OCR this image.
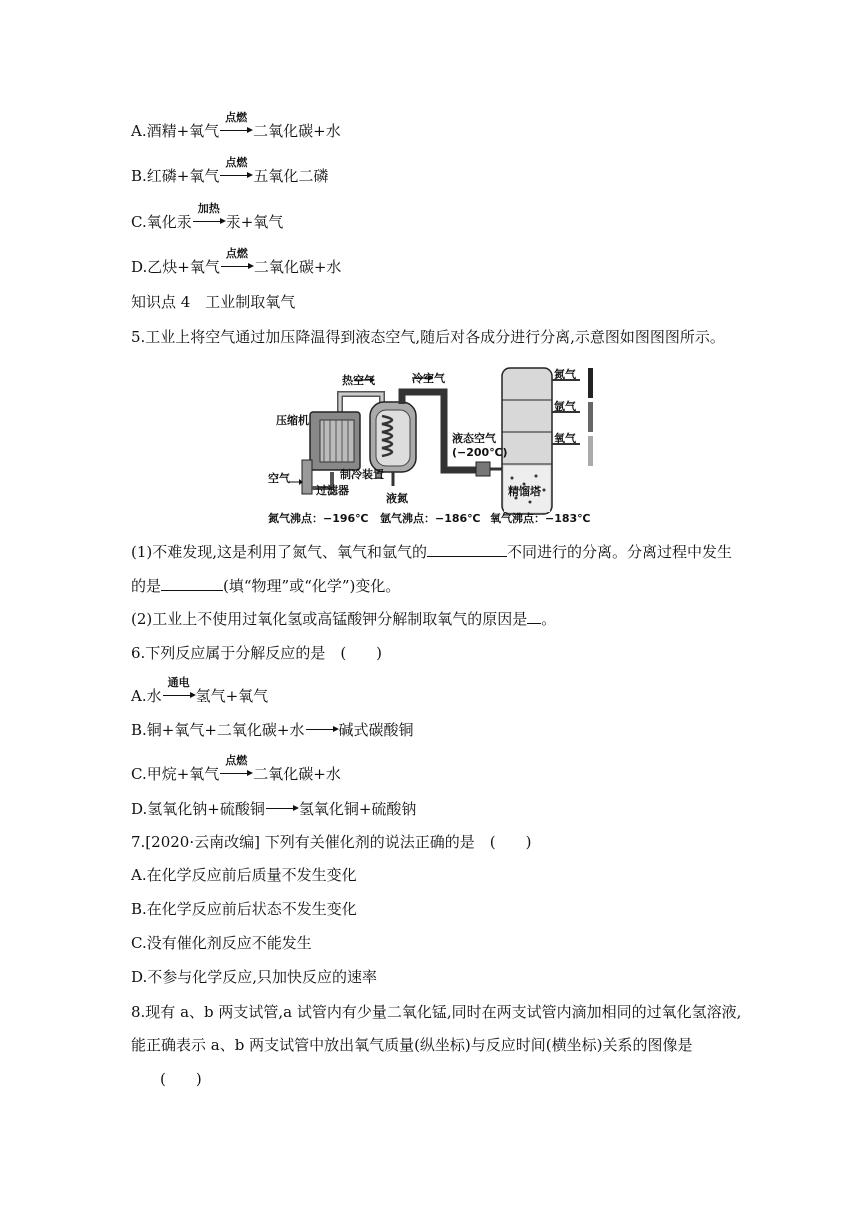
A.酒精+氧气
点燃
二氧化碳+水
B.红磷+氧气
点燃
五氧化二磷
C.氧化汞
加热
汞+氧气
D.乙炔+氧气
点燃
二氧化碳+水
知识点 4　工业制取氧气
5.工业上将空气通过加压降温得到液态空气,随后对各成分进行分离,示意图如图图图所示。
热空气	冷空气
压缩机
空气
过滤器
制冷装置
液氮
液态空气
(−200℃)
精馏塔
氮气
氩气
氧气
氮气沸点：−196℃ 氩气沸点：−186℃ 氧气沸点：−183℃
(1)不难发现,这是利用了氮气、氧气和氩气的	不同进行的分离。分离过程中发生
的是	(填“物理”或“化学”)变化。
(2)工业上不使用过氧化氢或高锰酸钾分解制取氧气的原因是 。
6.下列反应属于分解反应的是　(　　)
A.水
通电
氢气+氧气
B.铜+氧气+二氧化碳+水 碱式碳酸铜
C.甲烷+氧气
点燃
二氧化碳+水
D.氢氧化钠+硫酸铜 氢氧化铜+硫酸钠
7.[2020·云南改编] 下列有关催化剂的说法正确的是　(　　)
A.在化学反应前后质量不发生变化
B.在化学反应前后状态不发生变化
C.没有催化剂反应不能发生
D.不参与化学反应,只加快反应的速率
8.现有 a、b 两支试管,a 试管内有少量二氧化锰,同时在两支试管内滴加相同的过氧化氢溶液,
能正确表示 a、b 两支试管中放出氧气质量(纵坐标)与反应时间(横坐标)关系的图像是
(　　)
